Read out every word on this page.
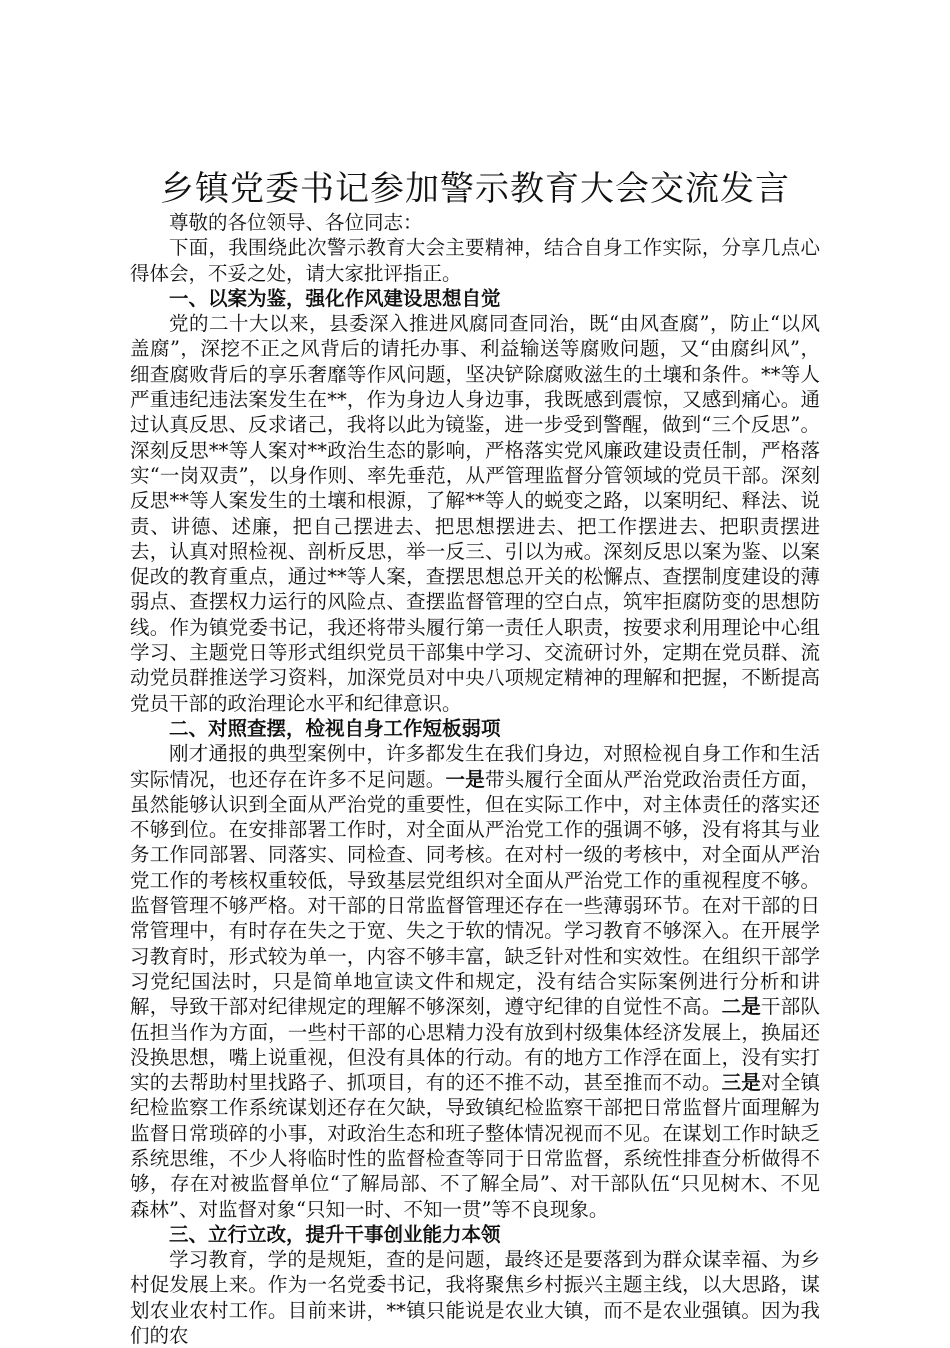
乡镇党委书记参加警示教育大会交流发言

尊敬的各位领导、各位同志：

下面，我围绕此次警示教育大会主要精神，结合自身工作实际，分享几点心得体会，不妥之处，请大家批评指正。

一、以案为鉴，强化作风建设思想自觉

党的二十大以来，县委深入推进风腐同查同治，既“由风查腐”，防止“以风盖腐”，深挖不正之风背后的请托办事、利益输送等腐败问题，又“由腐纠风”，细查腐败背后的享乐奢靡等作风问题，坚决铲除腐败滋生的土壤和条件。**等人严重违纪违法案发生在**，作为身边人身边事，我既感到震惊，又感到痛心。通过认真反思、反求诸己，我将以此为镜鉴，进一步受到警醒，做到“三个反思”。深刻反思**等人案对**政治生态的影响，严格落实党风廉政建设责任制，严格落实“一岗双责”，以身作则、率先垂范，从严管理监督分管领域的党员干部。深刻反思**等人案发生的土壤和根源，了解**等人的蜕变之路，以案明纪、释法、说责、讲德、述廉，把自己摆进去、把思想摆进去、把工作摆进去、把职责摆进去，认真对照检视、剖析反思，举一反三、引以为戒。深刻反思以案为鉴、以案促改的教育重点，通过**等人案，查摆思想总开关的松懈点、查摆制度建设的薄弱点、查摆权力运行的风险点、查摆监督管理的空白点，筑牢拒腐防变的思想防线。作为镇党委书记，我还将带头履行第一责任人职责，按要求利用理论中心组学习、主题党日等形式组织党员干部集中学习、交流研讨外，定期在党员群、流动党员群推送学习资料，加深党员对中央八项规定精神的理解和把握，不断提高党员干部的政治理论水平和纪律意识。

二、对照查摆，检视自身工作短板弱项

刚才通报的典型案例中，许多都发生在我们身边，对照检视自身工作和生活实际情况，也还存在许多不足问题。一是带头履行全面从严治党政治责任方面，虽然能够认识到全面从严治党的重要性，但在实际工作中，对主体责任的落实还不够到位。在安排部署工作时，对全面从严治党工作的强调不够，没有将其与业务工作同部署、同落实、同检查、同考核。在对村一级的考核中，对全面从严治党工作的考核权重较低，导致基层党组织对全面从严治党工作的重视程度不够。监督管理不够严格。对干部的日常监督管理还存在一些薄弱环节。在对干部的日常管理中，有时存在失之于宽、失之于软的情况。学习教育不够深入。在开展学习教育时，形式较为单一，内容不够丰富，缺乏针对性和实效性。在组织干部学习党纪国法时，只是简单地宣读文件和规定，没有结合实际案例进行分析和讲解，导致干部对纪律规定的理解不够深刻，遵守纪律的自觉性不高。二是干部队伍担当作为方面，一些村干部的心思精力没有放到村级集体经济发展上，换届还没换思想，嘴上说重视，但没有具体的行动。有的地方工作浮在面上，没有实打实的去帮助村里找路子、抓项目，有的还不推不动，甚至推而不动。三是对全镇纪检监察工作系统谋划还存在欠缺，导致镇纪检监察干部把日常监督片面理解为监督日常琐碎的小事，对政治生态和班子整体情况视而不见。在谋划工作时缺乏系统思维，不少人将临时性的监督检查等同于日常监督，系统性排查分析做得不够，存在对被监督单位“了解局部、不了解全局”、对干部队伍“只见树木、不见森林”、对监督对象“只知一时、不知一贯”等不良现象。

三、立行立改，提升干事创业能力本领

学习教育，学的是规矩，查的是问题，最终还是要落到为群众谋幸福、为乡村促发展上来。作为一名党委书记，我将聚焦乡村振兴主题主线，以大思路，谋划农业农村工作。目前来讲，**镇只能说是农业大镇，而不是农业强镇。因为我们的农
